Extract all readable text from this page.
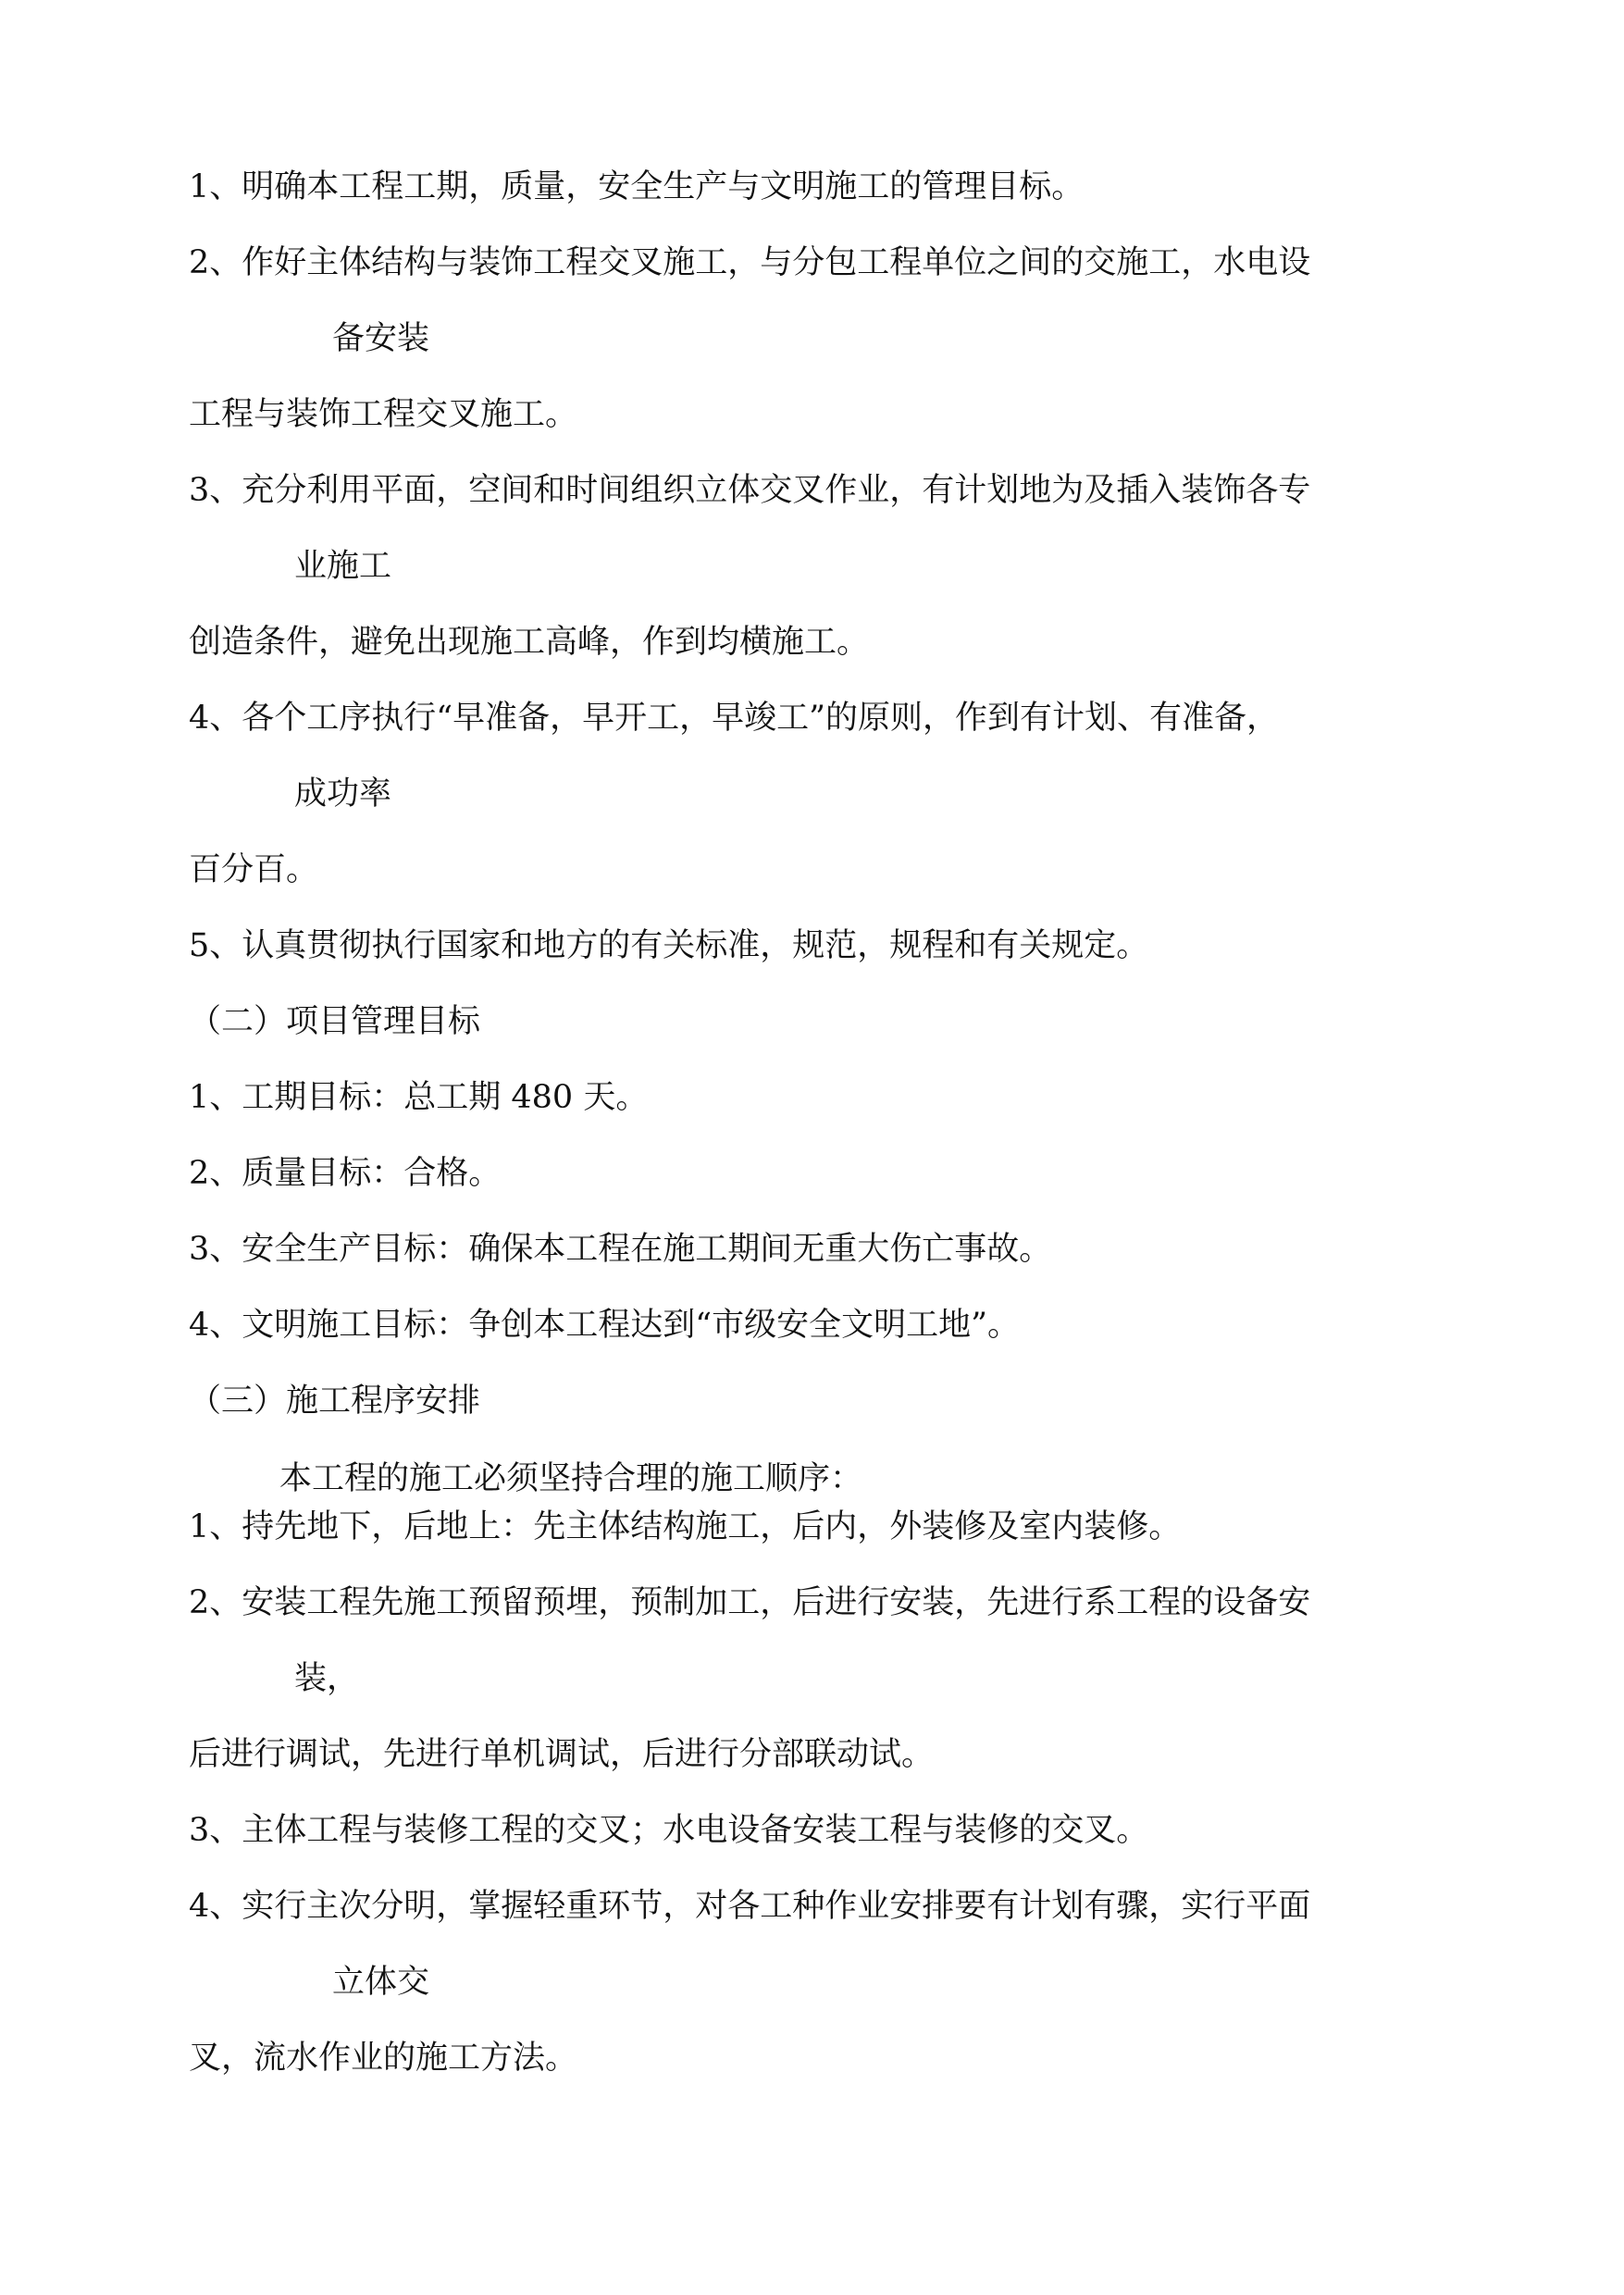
1、明确本工程工期，质量，安全生产与文明施工的管理目标。

2、作好主体结构与装饰工程交叉施工，与分包工程单位之间的交施工，水电设

备安装

工程与装饰工程交叉施工。

3、充分利用平面，空间和时间组织立体交叉作业，有计划地为及插入装饰各专

业施工

创造条件，避免出现施工高峰，作到均横施工。

4、各个工序执行“早准备，早开工，早竣工”的原则，作到有计划、有准备，

成功率

百分百。

5、认真贯彻执行国家和地方的有关标准，规范，规程和有关规定。

（二）项目管理目标

1、工期目标：总工期 480 天。

2、质量目标：合格。

3、安全生产目标：确保本工程在施工期间无重大伤亡事故。

4、文明施工目标：争创本工程达到“市级安全文明工地”。

（三）施工程序安排

本工程的施工必须坚持合理的施工顺序：

1、持先地下，后地上：先主体结构施工，后内，外装修及室内装修。

2、安装工程先施工预留预埋，预制加工，后进行安装，先进行系工程的设备安

装，

后进行调试，先进行单机调试，后进行分部联动试。

3、主体工程与装修工程的交叉；水电设备安装工程与装修的交叉。

4、实行主次分明，掌握轻重环节，对各工种作业安排要有计划有骤，实行平面

立体交

叉，流水作业的施工方法。
